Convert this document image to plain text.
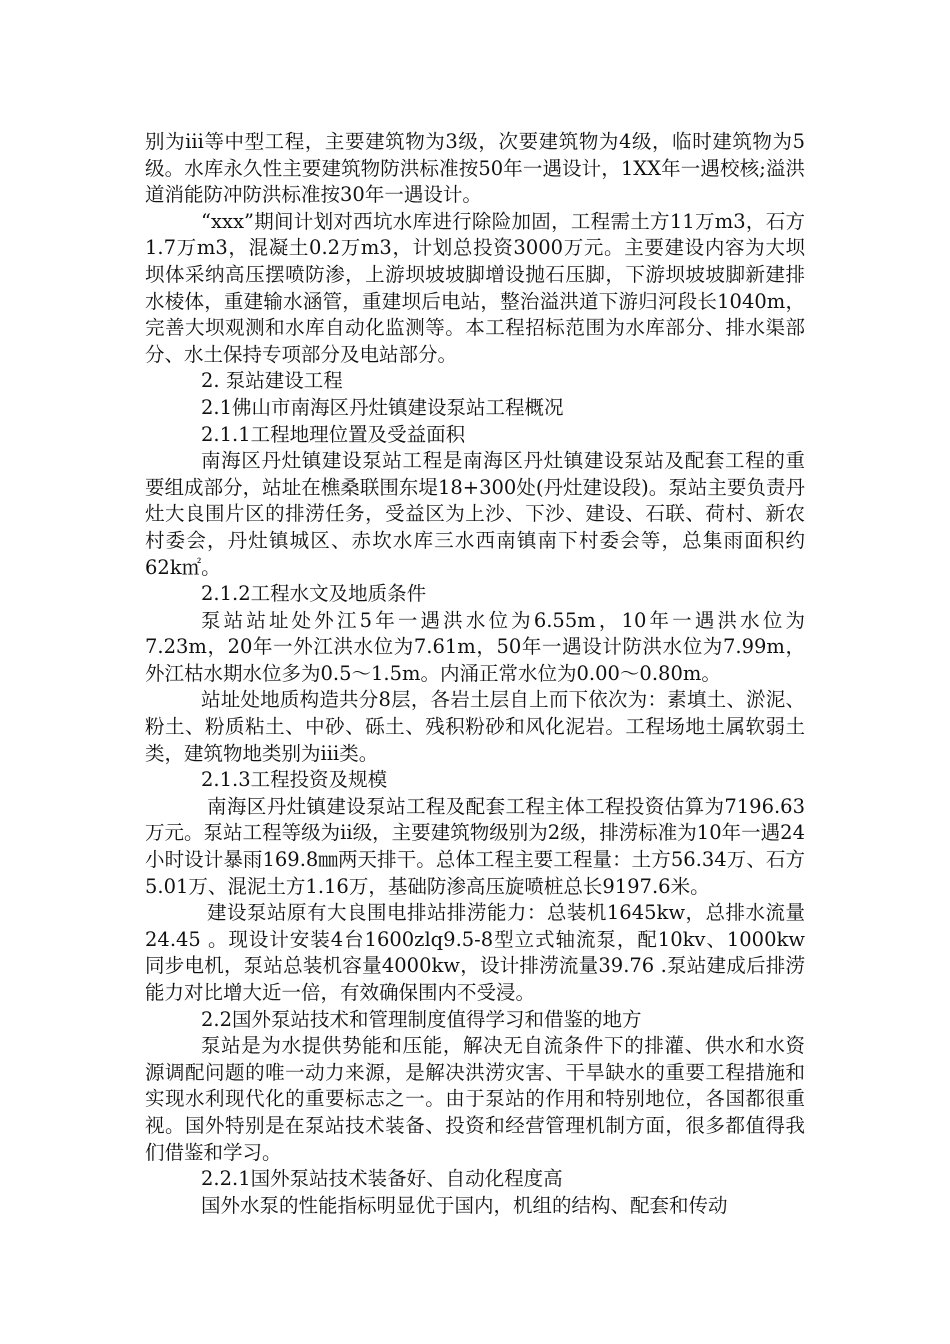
别为ⅲ等中型工程，主要建筑物为3级，次要建筑物为4级，临时建筑物为5级。水库永久性主要建筑物防洪标准按50年一遇设计，1XX年一遇校核;溢洪道消能防冲防洪标准按30年一遇设计。

“xxx”期间计划对西坑水库进行除险加固，工程需土方11万m3，石方1.7万m3，混凝土0.2万m3，计划总投资3000万元。主要建设内容为大坝坝体采纳高压摆喷防渗，上游坝坡坡脚增设抛石压脚，下游坝坡坡脚新建排水棱体，重建输水涵管，重建坝后电站，整治溢洪道下游归河段长1040m，完善大坝观测和水库自动化监测等。本工程招标范围为水库部分、排水渠部分、水土保持专项部分及电站部分。

2. 泵站建设工程

2.1佛山市南海区丹灶镇建设泵站工程概况

2.1.1工程地理位置及受益面积

南海区丹灶镇建设泵站工程是南海区丹灶镇建设泵站及配套工程的重要组成部分，站址在樵桑联围东堤18+300处(丹灶建设段)。泵站主要负责丹灶大良围片区的排涝任务，受益区为上沙、下沙、建设、石联、荷村、新农村委会，丹灶镇城区、赤坎水库三水西南镇南下村委会等，总集雨面积约62k㎡。

2.1.2工程水文及地质条件

泵站站址处外江5年一遇洪水位为6.55m，10年一遇洪水位为7.23m，20年一外江洪水位为7.61m，50年一遇设计防洪水位为7.99m，外江枯水期水位多为0.5～1.5m。内涌正常水位为0.00～0.80m。

站址处地质构造共分8层，各岩土层自上而下依次为：素填土、淤泥、粉土、粉质粘土、中砂、砾土、残积粉砂和风化泥岩。工程场地土属软弱土类，建筑物地类别为ⅲ类。

2.1.3工程投资及规模

南海区丹灶镇建设泵站工程及配套工程主体工程投资估算为7196.63万元。泵站工程等级为ⅱ级，主要建筑物级别为2级，排涝标准为10年一遇24小时设计暴雨169.8㎜两天排干。总体工程主要工程量：土方56.34万、石方5.01万、混泥土方1.16万，基础防渗高压旋喷桩总长9197.6米。

建设泵站原有大良围电排站排涝能力：总装机1645kw，总排水流量24.45 。现设计安装4台1600zlq9.5-8型立式轴流泵，配10kv、1000kw同步电机，泵站总装机容量4000kw，设计排涝流量39.76 .泵站建成后排涝能力对比增大近一倍，有效确保围内不受浸。

2.2国外泵站技术和管理制度值得学习和借鉴的地方

泵站是为水提供势能和压能，解决无自流条件下的排灌、供水和水资源调配问题的唯一动力来源，是解决洪涝灾害、干旱缺水的重要工程措施和实现水利现代化的重要标志之一。由于泵站的作用和特别地位，各国都很重视。国外特别是在泵站技术装备、投资和经营管理机制方面，很多都值得我们借鉴和学习。

2.2.1国外泵站技术装备好、自动化程度高

国外水泵的性能指标明显优于国内，机组的结构、配套和传动
